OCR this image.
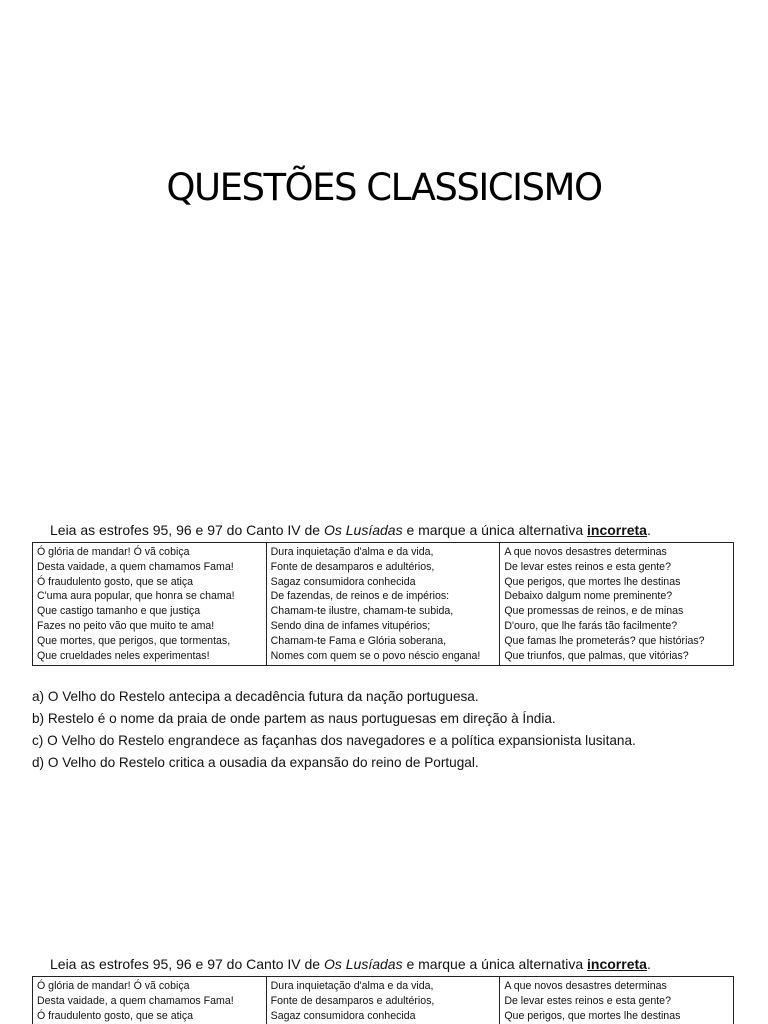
QUESTÕES CLASSICISMO

Leia as estrofes 95, 96 e 97 do Canto IV de Os Lusíadas e marque a única alternativa incorreta.

Ó glória de mandar! Ó vã cobiça
Desta vaidade, a quem chamamos Fama!
Ó fraudulento gosto, que se atiça
C'uma aura popular, que honra se chama!
Que castigo tamanho e que justiça
Fazes no peito vão que muito te ama!
Que mortes, que perigos, que tormentas,
Que crueldades neles experimentas!

Dura inquietação d'alma e da vida,
Fonte de desamparos e adultérios,
Sagaz consumidora conhecida
De fazendas, de reinos e de impérios:
Chamam-te ilustre, chamam-te subida,
Sendo dina de infames vitupérios;
Chamam-te Fama e Glória soberana,
Nomes com quem se o povo néscio engana!

A que novos desastres determinas
De levar estes reinos e esta gente?
Que perigos, que mortes lhe destinas
Debaixo dalgum nome preminente?
Que promessas de reinos, e de minas
D'ouro, que lhe farás tão facilmente?
Que famas lhe prometerás? que histórias?
Que triunfos, que palmas, que vitórias?
a) O Velho do Restelo antecipa a decadência futura da nação portuguesa.
b) Restelo é o nome da praia de onde partem as naus portuguesas em direção à Índia.
c) O Velho do Restelo engrandece as façanhas dos navegadores e a política expansionista lusitana.
d) O Velho do Restelo critica a ousadia da expansão do reino de Portugal.

Leia as estrofes 95, 96 e 97 do Canto IV de Os Lusíadas e marque a única alternativa incorreta.

Ó glória de mandar! Ó vã cobiça
Desta vaidade, a quem chamamos Fama!
Ó fraudulento gosto, que se atiça

Dura inquietação d'alma e da vida,
Fonte de desamparos e adultérios,
Sagaz consumidora conhecida

A que novos desastres determinas
De levar estes reinos e esta gente?
Que perigos, que mortes lhe destinas
